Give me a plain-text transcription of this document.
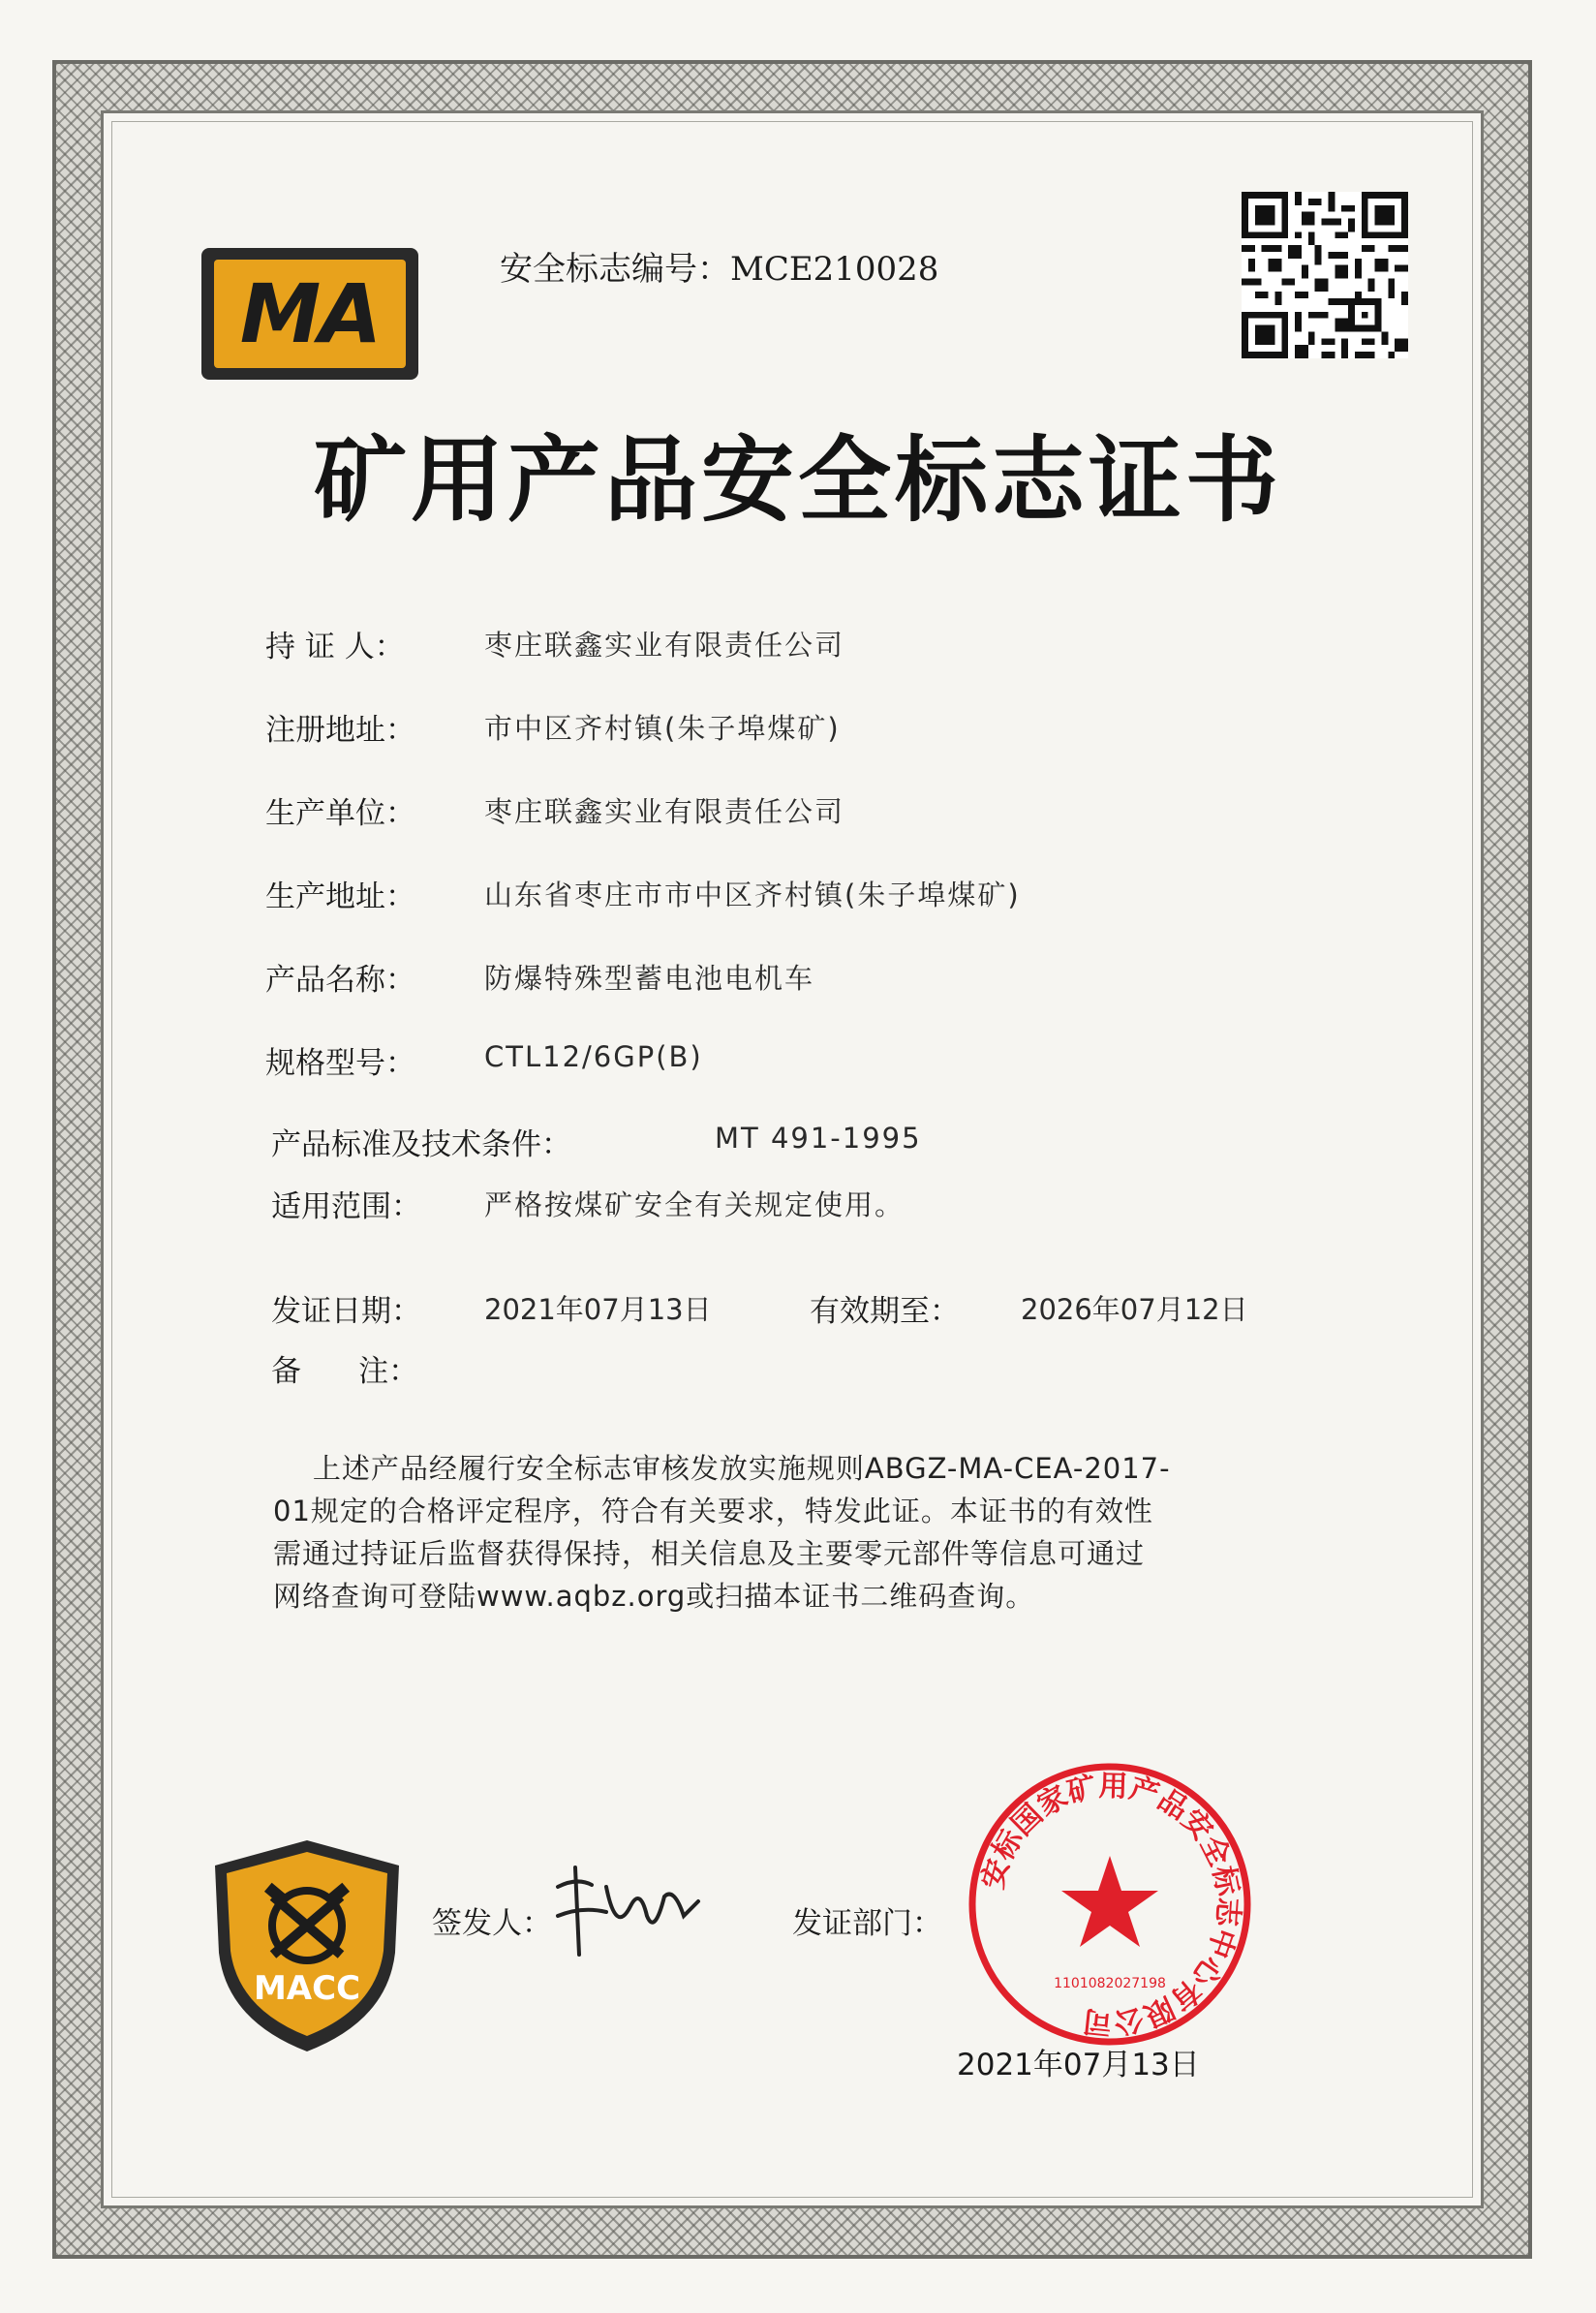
MA	安全标志编号：MCE210028
矿用产品安全标志证书
持 证 人：	枣庄联鑫实业有限责任公司
注册地址： 市中区齐村镇(朱子埠煤矿)
生产单位： 枣庄联鑫实业有限责任公司
生产地址： 山东省枣庄市市中区齐村镇(朱子埠煤矿)
产品名称： 防爆特殊型蓄电池电机车
规格型号： CTL12/6GP(B)
产品标准及技术条件：	MT 491-1995
适用范围： 严格按煤矿安全有关规定使用。
发证日期： 2021年07月13日	有效期至： 2026年07月12日
备      注：
上述产品经履行安全标志审核发放实施规则ABGZ-MA-CEA-2017-
01规定的合格评定程序，符合有关要求，特发此证。本证书的有效性
需通过持证后监督获得保持，相关信息及主要零元部件等信息可通过
网络查询可登陆www.aqbz.org或扫描本证书二维码查询。
MACC
签发人：	发证部门：
安标国家矿用产品安全标志中心有限公司
1101082027198
2021年07月13日
